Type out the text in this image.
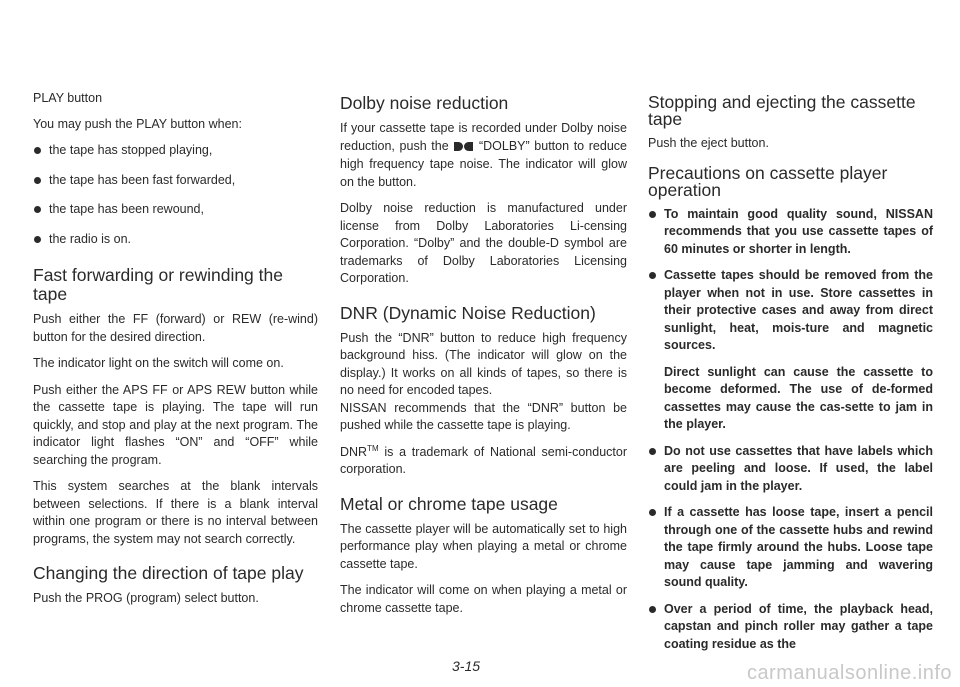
PLAY button

You may push the PLAY button when:

the tape has stopped playing,
the tape has been fast forwarded,
the tape has been rewound,
the radio is on.
Fast forwarding or rewinding the tape

Push either the FF (forward) or REW (re-wind) button for the desired direction.

The indicator light on the switch will come on.

Push either the APS FF or APS REW button while the cassette tape is playing. The tape will run quickly, and stop and play at the next program. The indicator light flashes “ON” and “OFF” while searching the program.

This system searches at the blank intervals between selections. If there is a blank interval within one program or there is no interval between programs, the system may not search correctly.

Changing the direction of tape play

Push the PROG (program) select button.

Dolby noise reduction

If your cassette tape is recorded under Dolby noise reduction, push the “DOLBY” button to reduce high frequency tape noise. The indicator will glow on the button.

Dolby noise reduction is manufactured under license from Dolby Laboratories Li-censing Corporation. “Dolby” and the double-D symbol are trademarks of Dolby Laboratories Licensing Corporation.

DNR (Dynamic Noise Reduction)

Push the “DNR” button to reduce high frequency background hiss. (The indicator will glow on the display.) It works on all kinds of tapes, so there is no need for encoded tapes.

NISSAN recommends that the “DNR” button be pushed while the cassette tape is playing.

DNR™ is a trademark of National semi-conductor corporation.

Metal or chrome tape usage

The cassette player will be automatically set to high performance play when playing a metal or chrome cassette tape.

The indicator will come on when playing a metal or chrome cassette tape.

Stopping and ejecting the cassette tape

Push the eject button.

Precautions on cassette player operation
To maintain good quality sound, NISSAN recommends that you use cassette tapes of 60 minutes or shorter in length.
Cassette tapes should be removed from the player when not in use. Store cassettes in their protective cases and away from direct sunlight, heat, mois-ture and magnetic sources.

Direct sunlight can cause the cassette to become deformed. The use of de-formed cassettes may cause the cas-sette to jam in the player.

Do not use cassettes that have labels which are peeling and loose. If used, the label could jam in the player.
If a cassette has loose tape, insert a pencil through one of the cassette hubs and rewind the tape firmly around the hubs. Loose tape may cause tape jamming and wavering sound quality.
Over a period of time, the playback head, capstan and pinch roller may gather a tape coating residue as the
3-15	carmanualsonline.info
